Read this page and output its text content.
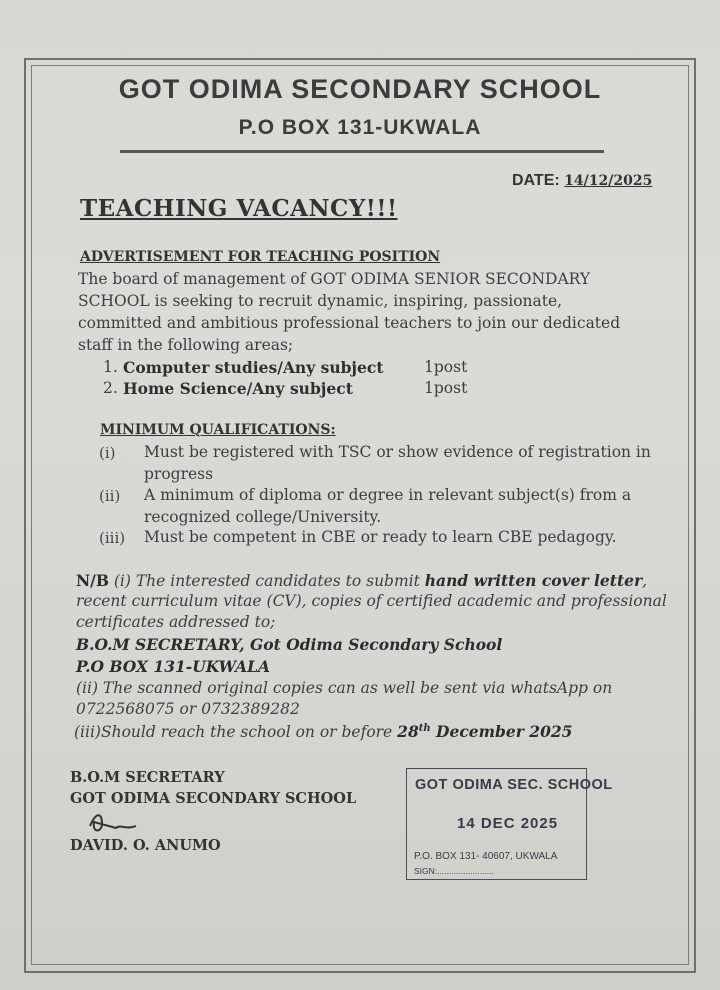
GOT ODIMA SECONDARY SCHOOL
P.O BOX 131-UKWALA
DATE: 14/12/2025
TEACHING VACANCY!!!
ADVERTISEMENT FOR TEACHING POSITION
The board of management of GOT ODIMA SENIOR SECONDARY
SCHOOL is seeking to recruit dynamic, inspiring, passionate,
committed and ambitious professional teachers to join our dedicated
staff in the following areas;
1. Computer studies/Any subject	1post
2. Home Science/Any subject	1post
MINIMUM QUALIFICATIONS:
(i) Must be registered with TSC or show evidence of registration in
progress
(ii) A minimum of diploma or degree in relevant subject(s) from a
recognized college/University.
(iii) Must be competent in CBE or ready to learn CBE pedagogy.
N/B (i) The interested candidates to submit hand written cover letter,
recent curriculum vitae (CV), copies of certified academic and professional
certificates addressed to;
B.O.M SECRETARY, Got Odima Secondary School
P.O BOX 131-UKWALA
(ii) The scanned original copies can as well be sent via whatsApp on
0722568075 or 0732389282
(iii)Should reach the school on or before 28th December 2025
B.O.M SECRETARY
GOT ODIMA SECONDARY SCHOOL
DAVID. O. ANUMO
GOT ODIMA SEC. SCHOOL
14 DEC 2025
P.O. BOX 131- 40607, UKWALA
SIGN:........................
